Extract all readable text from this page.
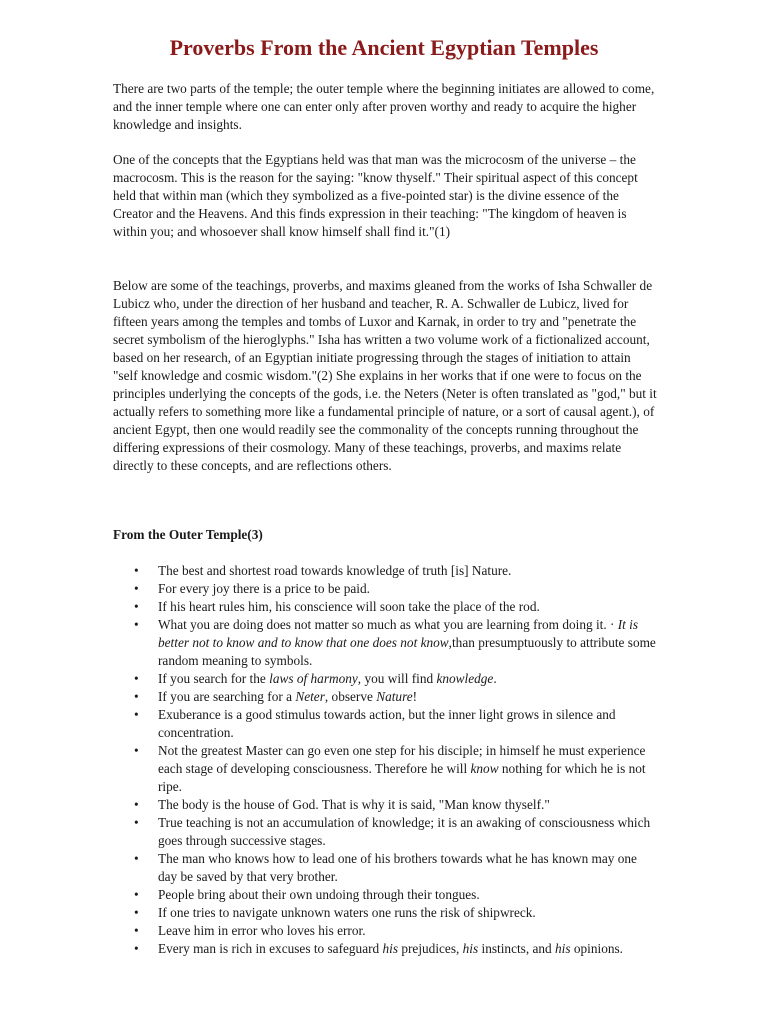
Proverbs From the Ancient Egyptian Temples

There are two parts of the temple; the outer temple where the beginning initiates are allowed to come, and the inner temple where one can enter only after proven worthy and ready to acquire the higher knowledge and insights.

One of the concepts that the Egyptians held was that man was the microcosm of the universe – the macrocosm. This is the reason for the saying: "know thyself." Their spiritual aspect of this concept held that within man (which they symbolized as a five-pointed star) is the divine essence of the Creator and the Heavens. And this finds expression in their teaching: "The kingdom of heaven is within you; and whosoever shall know himself shall find it."(1)

Below are some of the teachings, proverbs, and maxims gleaned from the works of Isha Schwaller de Lubicz who, under the direction of her husband and teacher, R. A. Schwaller de Lubicz, lived for fifteen years among the temples and tombs of Luxor and Karnak, in order to try and "penetrate the secret symbolism of the hieroglyphs." Isha has written a two volume work of a fictionalized account, based on her research, of an Egyptian initiate progressing through the stages of initiation to attain "self knowledge and cosmic wisdom."(2) She explains in her works that if one were to focus on the principles underlying the concepts of the gods, i.e. the Neters (Neter is often translated as "god," but it actually refers to something more like a fundamental principle of nature, or a sort of causal agent.), of ancient Egypt, then one would readily see the commonality of the concepts running throughout the differing expressions of their cosmology. Many of these teachings, proverbs, and maxims relate directly to these concepts, and are reflections others.

From the Outer Temple(3)
• The best and shortest road towards knowledge of truth [is] Nature.
• For every joy there is a price to be paid.
• If his heart rules him, his conscience will soon take the place of the rod.
• What you are doing does not matter so much as what you are learning from doing it. · It is better not to know and to know that one does not know,than presumptuously to attribute some random meaning to symbols.
• If you search for the laws of harmony, you will find knowledge.
• If you are searching for a Neter, observe Nature!
• Exuberance is a good stimulus towards action, but the inner light grows in silence and concentration.
• Not the greatest Master can go even one step for his disciple; in himself he must experience each stage of developing consciousness. Therefore he will know nothing for which he is not ripe.
• The body is the house of God. That is why it is said, "Man know thyself."
• True teaching is not an accumulation of knowledge; it is an awaking of consciousness which goes through successive stages.
• The man who knows how to lead one of his brothers towards what he has known may one day be saved by that very brother.
• People bring about their own undoing through their tongues.
• If one tries to navigate unknown waters one runs the risk of shipwreck.
• Leave him in error who loves his error.
• Every man is rich in excuses to safeguard his prejudices, his instincts, and his opinions.
